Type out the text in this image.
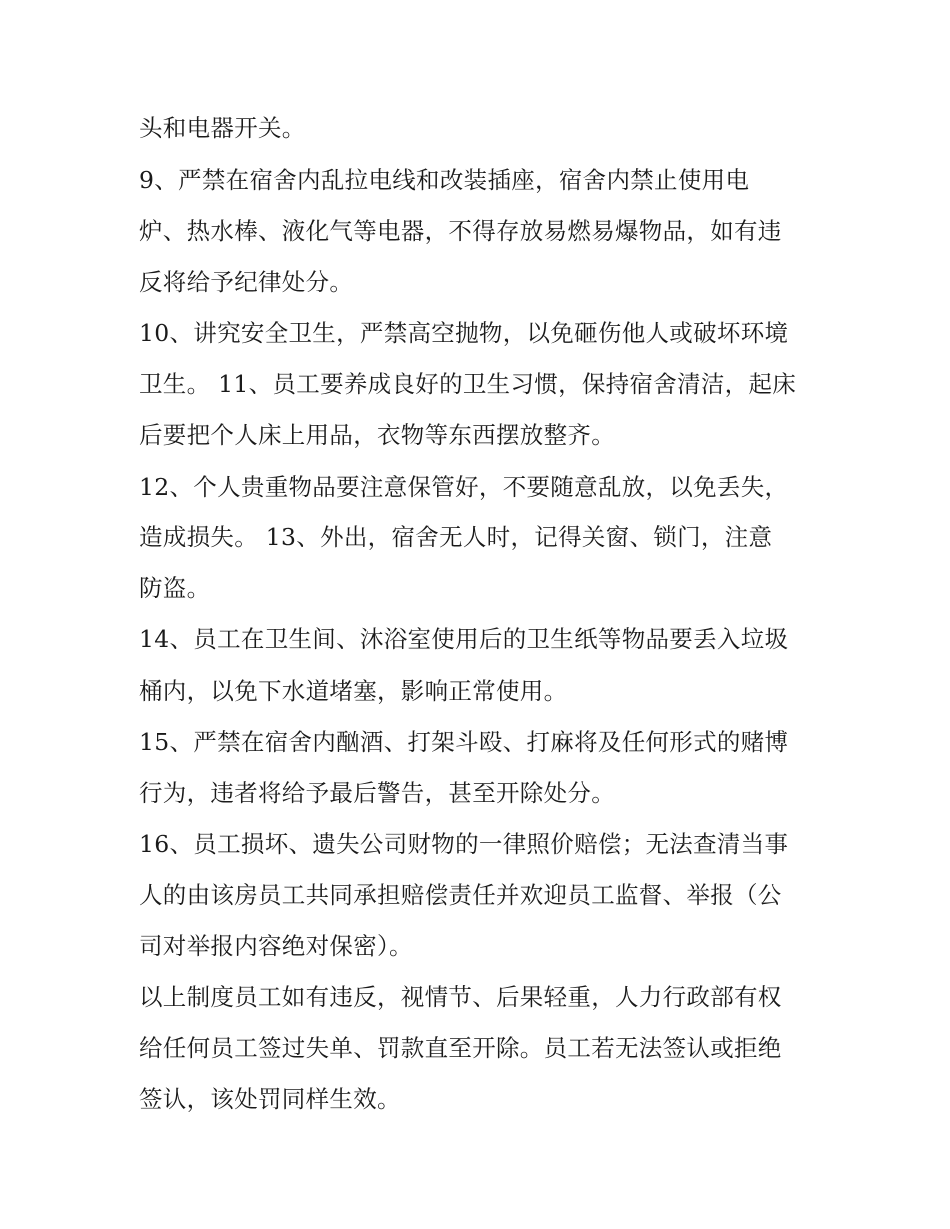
头和电器开关。
9、严禁在宿舍内乱拉电线和改装插座，宿舍内禁止使用电
炉、热水棒、液化气等电器，不得存放易燃易爆物品，如有违
反将给予纪律处分。
10、讲究安全卫生，严禁高空抛物，以免砸伤他人或破坏环境
卫生。 11、员工要养成良好的卫生习惯，保持宿舍清洁，起床
后要把个人床上用品，衣物等东西摆放整齐。
12、个人贵重物品要注意保管好，不要随意乱放，以免丢失，
造成损失。 13、外出，宿舍无人时，记得关窗、锁门，注意
防盗。
14、员工在卫生间、沐浴室使用后的卫生纸等物品要丢入垃圾
桶内，以免下水道堵塞，影响正常使用。
15、严禁在宿舍内酗酒、打架斗殴、打麻将及任何形式的赌博
行为，违者将给予最后警告，甚至开除处分。
16、员工损坏、遗失公司财物的一律照价赔偿；无法查清当事
人的由该房员工共同承担赔偿责任并欢迎员工监督、举报（公
司对举报内容绝对保密）。
以上制度员工如有违反，视情节、后果轻重，人力行政部有权
给任何员工签过失单、罚款直至开除。员工若无法签认或拒绝
签认，该处罚同样生效。
